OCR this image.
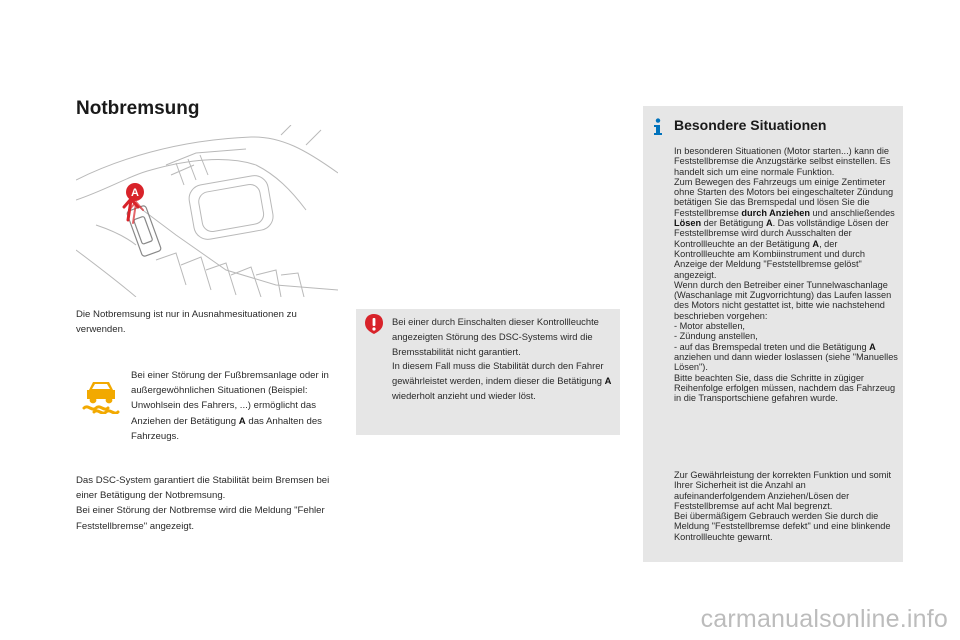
Notbremsung
A

Die Notbremsung ist nur in Ausnahmesituationen zu verwenden.

Bei einer Störung der Fußbremsanlage oder in außergewöhnlichen Situationen (Beispiel: Unwohlsein des Fahrers, ...) ermöglicht das Anziehen der Betätigung A das Anhalten des Fahrzeugs.

Das DSC-System garantiert die Stabilität beim Bremsen bei einer Betätigung der Notbremsung.
Bei einer Störung der Notbremse wird die Meldung "Fehler Feststellbremse" angezeigt.

Bei einer durch Einschalten dieser Kontrollleuchte angezeigten Störung des DSC-Systems wird die Bremsstabilität nicht garantiert.
In diesem Fall muss die Stabilität durch den Fahrer gewährleistet werden, indem dieser die Betätigung A wiederholt anzieht und wieder löst.

Besondere Situationen

In besonderen Situationen (Motor starten...) kann die Feststellbremse die Anzugstärke selbst einstellen. Es handelt sich um eine normale Funktion.
Zum Bewegen des Fahrzeugs um einige Zentimeter ohne Starten des Motors bei eingeschalteter Zündung betätigen Sie das Bremspedal und lösen Sie die Feststellbremse durch Anziehen und anschließendes Lösen der Betätigung A. Das vollständige Lösen der Feststellbremse wird durch Ausschalten der Kontrollleuchte an der Betätigung A, der Kontrollleuchte am Kombiinstrument und durch Anzeige der Meldung "Feststellbremse gelöst" angezeigt.
Wenn durch den Betreiber einer Tunnelwaschanlage (Waschanlage mit Zugvorrichtung) das Laufen lassen des Motors nicht gestattet ist, bitte wie nachstehend beschrieben vorgehen:
- Motor abstellen,
- Zündung anstellen,
- auf das Bremspedal treten und die Betätigung A anziehen und dann wieder loslassen (siehe "Manuelles Lösen").
Bitte beachten Sie, dass die Schritte in zügiger Reihenfolge erfolgen müssen, nachdem das Fahrzeug in die Transportschiene gefahren wurde.

Zur Gewährleistung der korrekten Funktion und somit Ihrer Sicherheit ist die Anzahl an aufeinanderfolgendem Anziehen/Lösen der Feststellbremse auf acht Mal begrenzt.
Bei übermäßigem Gebrauch werden Sie durch die Meldung "Feststellbremse defekt" und eine blinkende Kontrollleuchte gewarnt.

carmanualsonline.info
